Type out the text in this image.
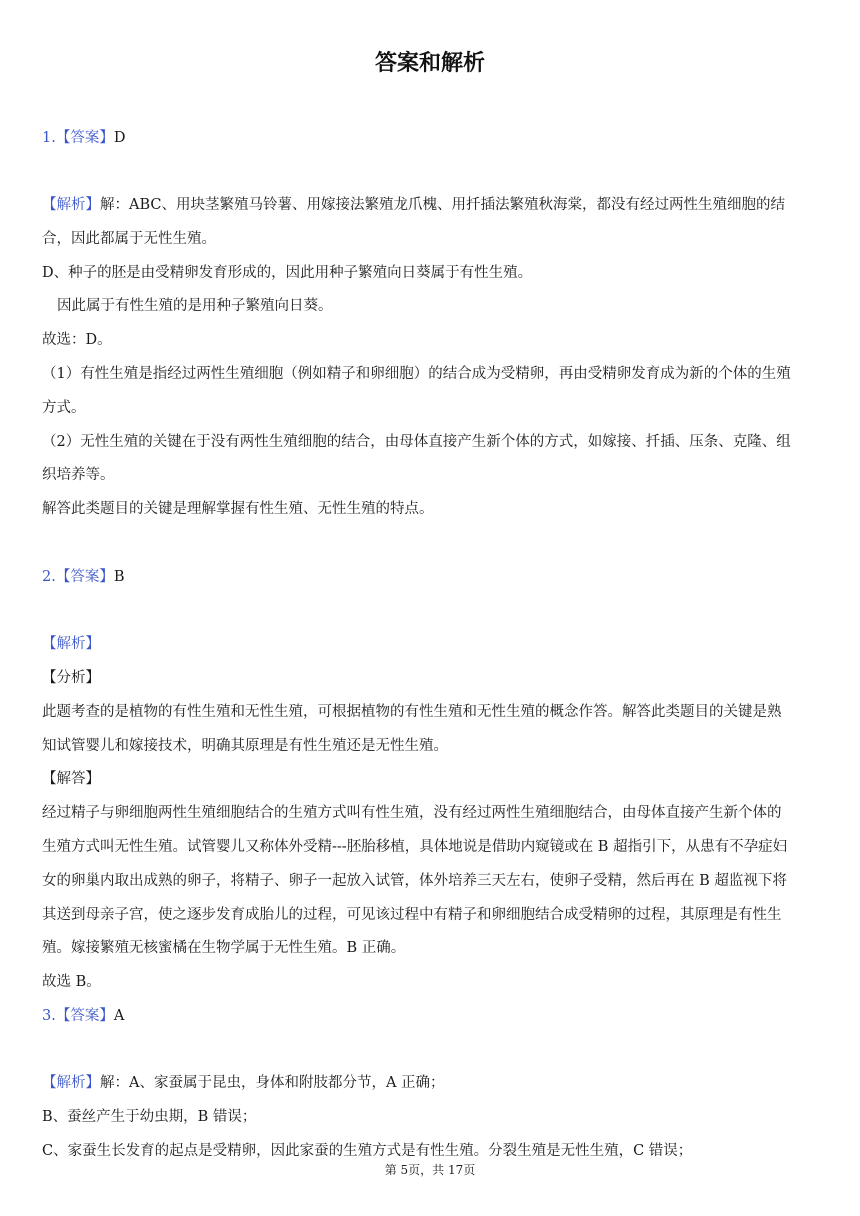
答案和解析
1.【答案】D
【解析】解：ABC、用块茎繁殖马铃薯、用嫁接法繁殖龙爪槐、用扦插法繁殖秋海棠，都没有经过两性生殖细胞的结
合，因此都属于无性生殖。
D、种子的胚是由受精卵发育形成的，因此用种子繁殖向日葵属于有性生殖。
因此属于有性生殖的是用种子繁殖向日葵。
故选：D。
（1）有性生殖是指经过两性生殖细胞（例如精子和卵细胞）的结合成为受精卵，再由受精卵发育成为新的个体的生殖
方式。
（2）无性生殖的关键在于没有两性生殖细胞的结合，由母体直接产生新个体的方式，如嫁接、扦插、压条、克隆、组
织培养等。
解答此类题目的关键是理解掌握有性生殖、无性生殖的特点。
2.【答案】B
【解析】
【分析】
此题考查的是植物的有性生殖和无性生殖，可根据植物的有性生殖和无性生殖的概念作答。解答此类题目的关键是熟
知试管婴儿和嫁接技术，明确其原理是有性生殖还是无性生殖。
【解答】
经过精子与卵细胞两性生殖细胞结合的生殖方式叫有性生殖，没有经过两性生殖细胞结合，由母体直接产生新个体的
生殖方式叫无性生殖。试管婴儿又称体外受精---胚胎移植，具体地说是借助内窥镜或在 B 超指引下，从患有不孕症妇
女的卵巢内取出成熟的卵子，将精子、卵子一起放入试管，体外培养三天左右，使卵子受精，然后再在 B 超监视下将
其送到母亲子宫，使之逐步发育成胎儿的过程，可见该过程中有精子和卵细胞结合成受精卵的过程，其原理是有性生
殖。嫁接繁殖无核蜜橘在生物学属于无性生殖。B 正确。
故选 B。
3.【答案】A
【解析】解：A、家蚕属于昆虫，身体和附肢都分节，A 正确；
B、蚕丝产生于幼虫期，B 错误；
C、家蚕生长发育的起点是受精卵，因此家蚕的生殖方式是有性生殖。分裂生殖是无性生殖，C 错误；
第 5页，共 17页
